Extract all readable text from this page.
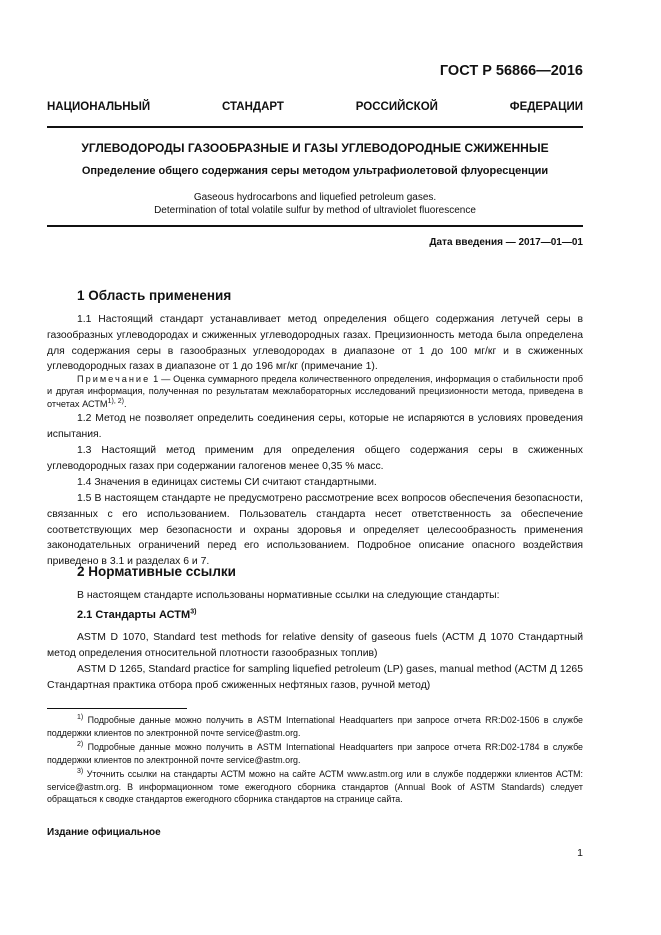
ГОСТ Р 56866—2016
НАЦИОНАЛЬНЫЙ СТАНДАРТ РОССИЙСКОЙ ФЕДЕРАЦИИ
УГЛЕВОДОРОДЫ ГАЗООБРАЗНЫЕ И ГАЗЫ УГЛЕВОДОРОДНЫЕ СЖИЖЕННЫЕ
Определение общего содержания серы методом ультрафиолетовой флуоресценции
Gaseous hydrocarbons and liquefied petroleum gases.
Determination of total volatile sulfur by method of ultraviolet fluorescence
Дата введения — 2017—01—01
1 Область применения
1.1 Настоящий стандарт устанавливает метод определения общего содержания летучей серы в газообразных углеводородах и сжиженных углеводородных газах. Прецизионность метода была определена для содержания серы в газообразных углеводородах в диапазоне от 1 до 100 мг/кг и в сжиженных углеводородных газах в диапазоне от 1 до 196 мг/кг (примечание 1).
Примечание 1 — Оценка суммарного предела количественного определения, информация о стабильности проб и другая информация, полученная по результатам межлабораторных исследований прецизионности метода, приведена в отчетах $АСТМ^{1), 2)}$.
1.2 Метод не позволяет определить соединения серы, которые не испаряются в условиях проведения испытания.
1.3 Настоящий метод применим для определения общего содержания серы в сжиженных углеводородных газах при содержании галогенов менее 0,35 % масс.
1.4 Значения в единицах системы СИ считают стандартными.
1.5 В настоящем стандарте не предусмотрено рассмотрение всех вопросов обеспечения безопасности, связанных с его использованием. Пользователь стандарта несет ответственность за обеспечение соответствующих мер безопасности и охраны здоровья и определяет целесообразность применения законодательных ограничений перед его использованием. Подробное описание опасного воздействия приведено в 3.1 и разделах 6 и 7.
2 Нормативные ссылки
В настоящем стандарте использованы нормативные ссылки на следующие стандарты:
2.1 Стандарты АСТМ$^{3)}$
ASTM D 1070, Standard test methods for relative density of gaseous fuels (АСТМ Д 1070 Стандартный метод определения относительной плотности газообразных топлив)
ASTM D 1265, Standard practice for sampling liquefied petroleum (LP) gases, manual method (АСТМ Д 1265 Стандартная практика отбора проб сжиженных нефтяных газов, ручной метод)
$^{1)}$ Подробные данные можно получить в ASTM International Headquarters при запросе отчета RR:D02-1506 в службе поддержки клиентов по электронной почте service@astm.org.
$^{2)}$ Подробные данные можно получить в ASTM International Headquarters при запросе отчета RR:D02-1784 в службе поддержки клиентов по электронной почте service@astm.org.
$^{3)}$ Уточнить ссылки на стандарты АСТМ можно на сайте АСТМ www.astm.org или в службе поддержки клиентов АСТМ: service@astm.org. В информационном томе ежегодного сборника стандартов (Annual Book of ASTM Standards) следует обращаться к сводке стандартов ежегодного сборника стандартов на странице сайта.
Издание официальное
1
